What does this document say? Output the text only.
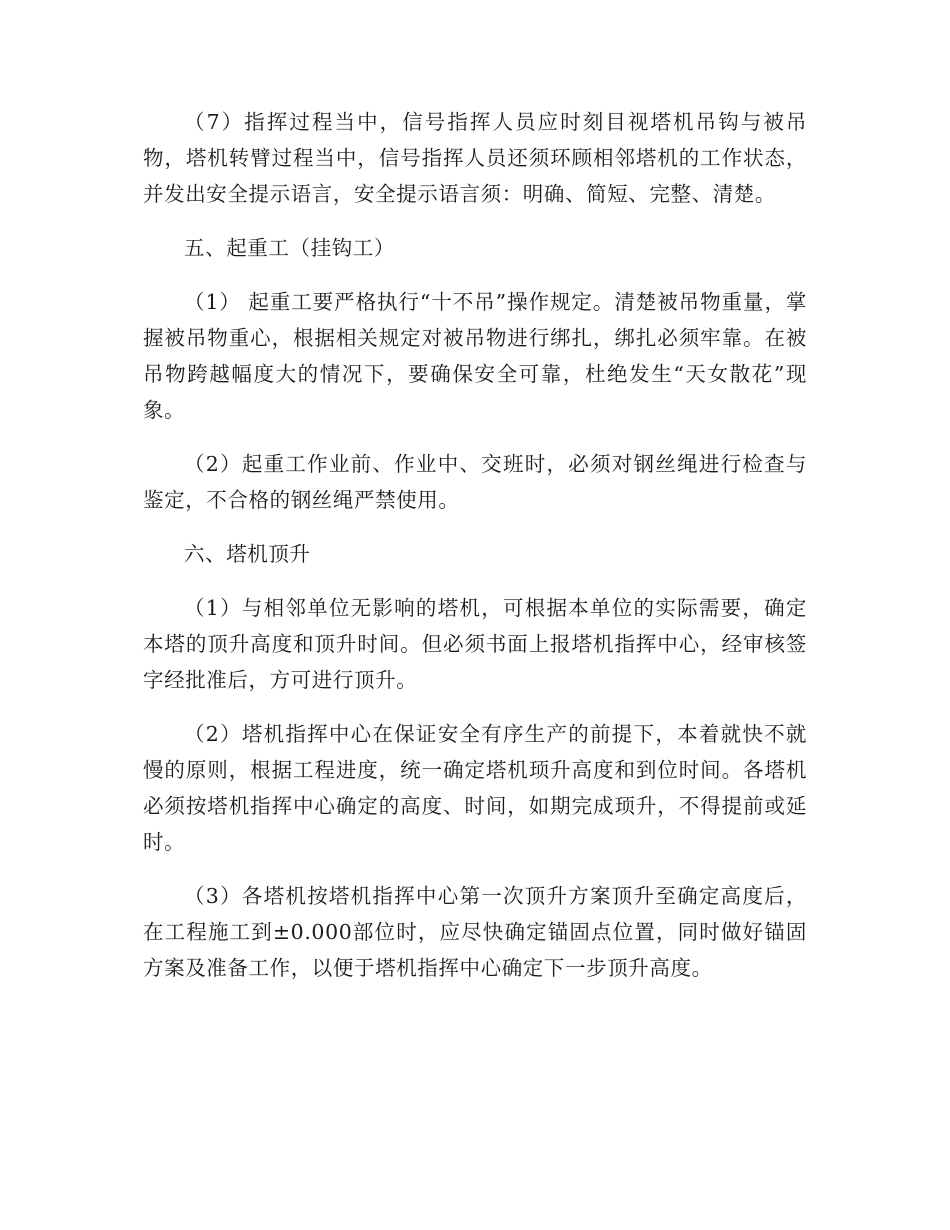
（7）指挥过程当中，信号指挥人员应时刻目视塔机吊钩与被吊物，塔机转臂过程当中，信号指挥人员还须环顾相邻塔机的工作状态，并发出安全提示语言，安全提示语言须：明确、简短、完整、清楚。

五、起重工（挂钩工）

（1） 起重工要严格执行“十不吊”操作规定。清楚被吊物重量，掌握被吊物重心，根据相关规定对被吊物进行绑扎，绑扎必须牢靠。在被吊物跨越幅度大的情况下，要确保安全可靠，杜绝发生“天女散花”现象。

（2）起重工作业前、作业中、交班时，必须对钢丝绳进行检查与鉴定，不合格的钢丝绳严禁使用。

六、塔机顶升

（1）与相邻单位无影响的塔机，可根据本单位的实际需要，确定本塔的顶升高度和顶升时间。但必须书面上报塔机指挥中心，经审核签字经批准后，方可进行顶升。

（2）塔机指挥中心在保证安全有序生产的前提下，本着就快不就慢的原则，根据工程进度，统一确定塔机顼升高度和到位时间。各塔机必须按塔机指挥中心确定的高度、时间，如期完成顼升，不得提前或延时。

（3）各塔机按塔机指挥中心第一次顶升方案顶升至确定高度后，在工程施工到±0.000部位时，应尽快确定锚固点位置，同时做好锚固方案及准备工作，以便于塔机指挥中心确定下一步顶升高度。
